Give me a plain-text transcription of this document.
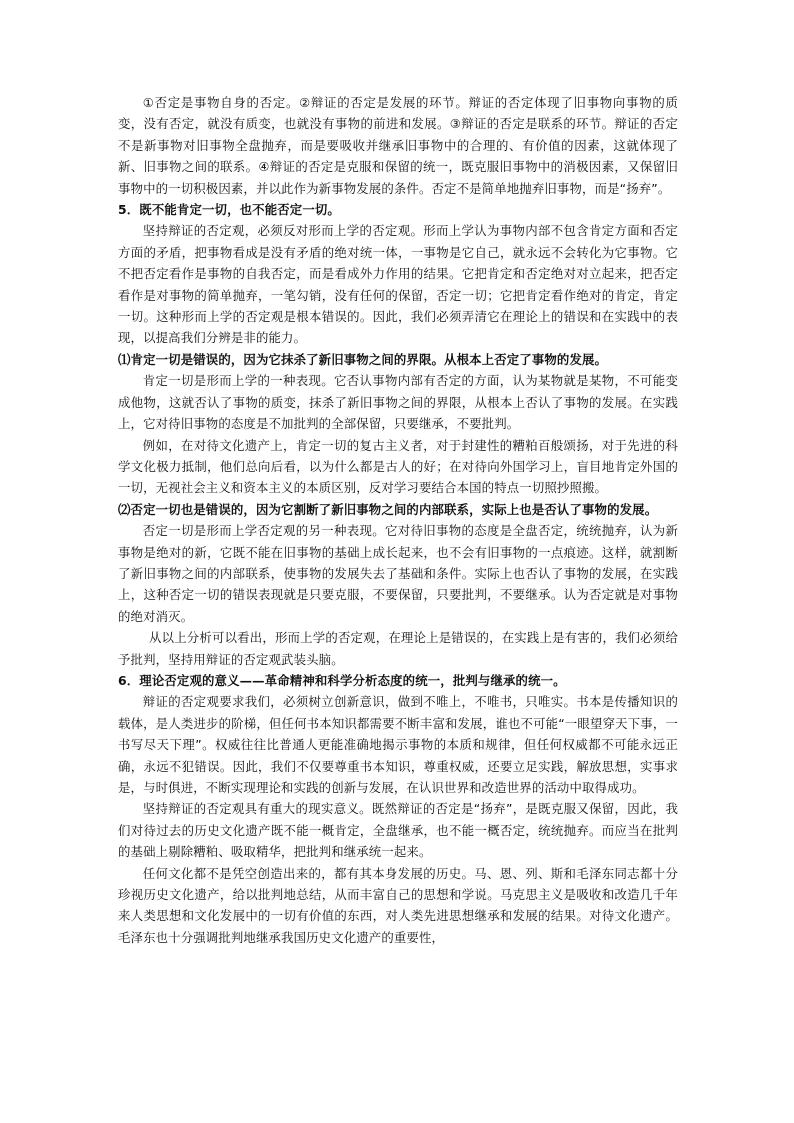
①否定是事物自身的否定。②辩证的否定是发展的环节。辩证的否定体现了旧事物向事物的质变，没有否定，就没有质变，也就没有事物的前进和发展。③辩证的否定是联系的环节。辩证的否定不是新事物对旧事物全盘抛弃，而是要吸收并继承旧事物中的合理的、有价值的因素，这就体现了新、旧事物之间的联系。④辩证的否定是克服和保留的统一，既克服旧事物中的消极因素，又保留旧事物中的一切积极因素，并以此作为新事物发展的条件。否定不是简单地抛弃旧事物，而是“扬弃”。

5．既不能肯定一切，也不能否定一切。

坚持辩证的否定观，必须反对形而上学的否定观。形而上学认为事物内部不包含肯定方面和否定方面的矛盾，把事物看成是没有矛盾的绝对统一体，一事物是它自己，就永远不会转化为它事物。它不把否定看作是事物的自我否定，而是看成外力作用的结果。它把肯定和否定绝对对立起来，把否定看作是对事物的简单抛弃，一笔勾销，没有任何的保留，否定一切；它把肯定看作绝对的肯定，肯定一切。这种形而上学的否定观是根本错误的。因此，我们必须弄清它在理论上的错误和在实践中的表现，以提高我们分辨是非的能力。

⑴肯定一切是错误的，因为它抹杀了新旧事物之间的界限。从根本上否定了事物的发展。

肯定一切是形而上学的一种表现。它否认事物内部有否定的方面，认为某物就是某物，不可能变成他物，这就否认了事物的质变，抹杀了新旧事物之间的界限，从根本上否认了事物的发展。在实践上，它对待旧事物的态度是不加批判的全部保留，只要继承，不要批判。

例如，在对待文化遗产上，肯定一切的复古主义者，对于封建性的糟粕百般颂扬，对于先进的科学文化极力抵制，他们总向后看，以为什么都是古人的好；在对待向外国学习上，盲目地肯定外国的一切，无视社会主义和资本主义的本质区别，反对学习要结合本国的特点一切照抄照搬。

⑵否定一切也是错误的，因为它割断了新旧事物之间的内部联系，实际上也是否认了事物的发展。

否定一切是形而上学否定观的另一种表现。它对待旧事物的态度是全盘否定，统统抛弃，认为新事物是绝对的新，它既不能在旧事物的基础上成长起来，也不会有旧事物的一点痕迹。这样，就割断了新旧事物之间的内部联系，使事物的发展失去了基础和条件。实际上也否认了事物的发展，在实践上，这种否定一切的错误表现就是只要克服，不要保留，只要批判，不要继承。认为否定就是对事物的绝对消灭。

从以上分析可以看出，形而上学的否定观，在理论上是错误的，在实践上是有害的，我们必须给予批判，坚持用辩证的否定观武装头脑。

6．理论否定观的意义——革命精神和科学分析态度的统一，批判与继承的统一。

辩证的否定观要求我们，必须树立创新意识，做到不唯上，不唯书，只唯实。书本是传播知识的载体，是人类进步的阶梯，但任何书本知识都需要不断丰富和发展，谁也不可能“一眼望穿天下事，一书写尽天下理”。权威往往比普通人更能准确地揭示事物的本质和规律，但任何权威都不可能永远正确，永远不犯错误。因此，我们不仅要尊重书本知识，尊重权威，还要立足实践，解放思想，实事求是，与时俱进，不断实现理论和实践的创新与发展，在认识世界和改造世界的活动中取得成功。

坚持辩证的否定观具有重大的现实意义。既然辩证的否定是“扬弃”，是既克服又保留，因此，我们对待过去的历史文化遗产既不能一概肯定，全盘继承，也不能一概否定，统统抛弃。而应当在批判的基础上剔除糟粕、吸取精华，把批判和继承统一起来。

任何文化都不是凭空创造出来的，都有其本身发展的历史。马、恩、列、斯和毛泽东同志都十分珍视历史文化遗产，给以批判地总结，从而丰富自己的思想和学说。马克思主义是吸收和改造几千年来人类思想和文化发展中的一切有价值的东西，对人类先进思想继承和发展的结果。对待文化遗产。毛泽东也十分强调批判地继承我国历史文化遗产的重要性，
